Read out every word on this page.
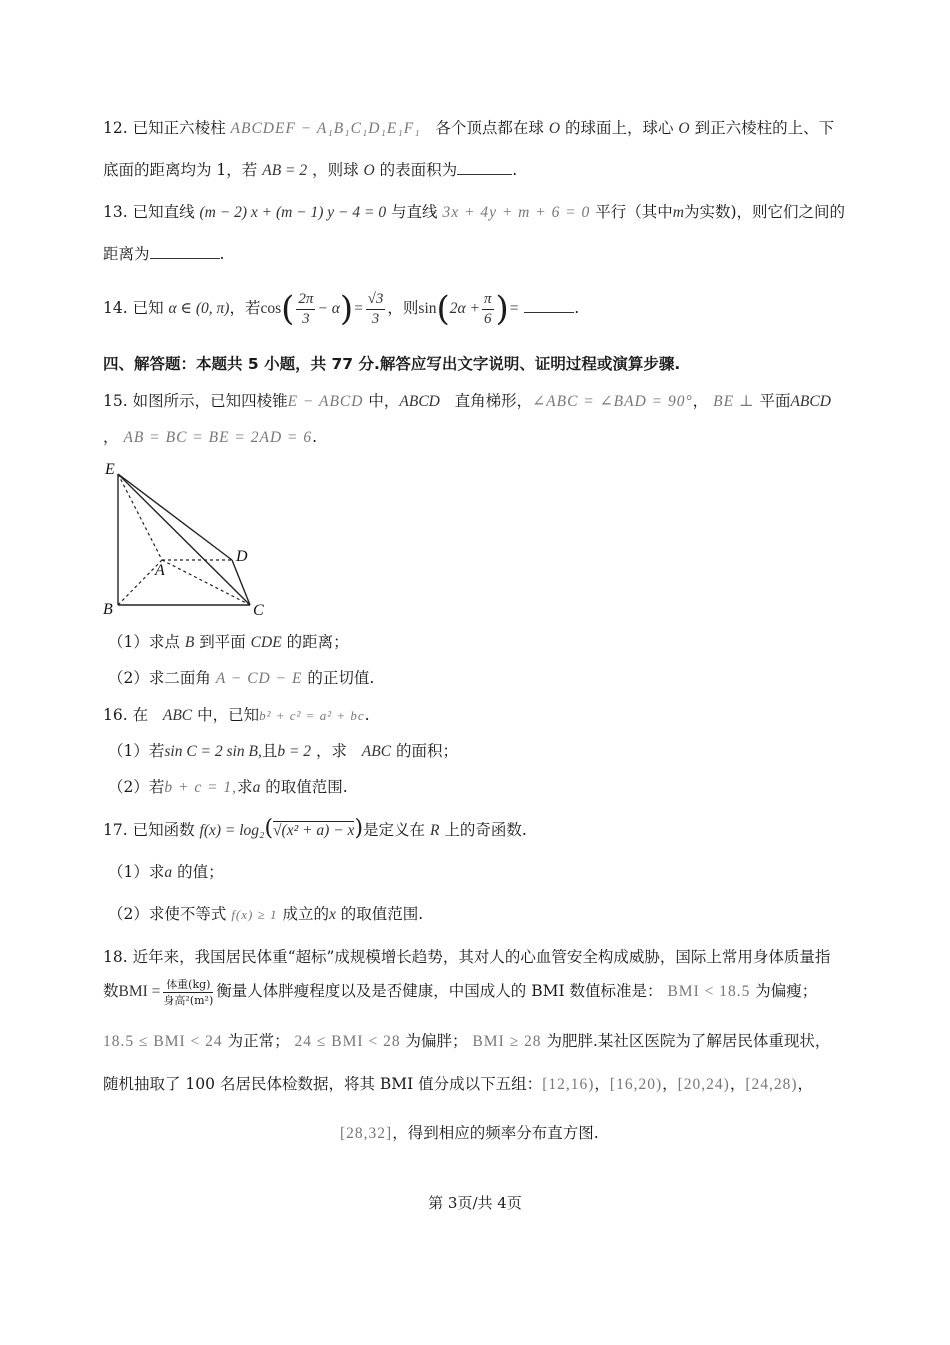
12. 已知正六棱柱 ABCDEF − A₁B₁C₁D₁E₁F₁ 各个顶点都在球 O 的球面上，球心 O 到正六棱柱的上、下
底面的距离均为 1，若 AB = 2 ，则球 O 的表面积为	.
13. 已知直线 (m − 2) x + (m − 1) y − 4 = 0 与直线 3x + 4y + m + 6 = 0 平行（其中m为实数)，则它们之间的
距离为	.
14. 已知 α ∈ (0, π)，若$\cos( \frac{2\pi}{3} - \alpha)= \frac{√3}{3}$ ，则$\sin(2\alpha + \frac{\pi}{6}$ )=	.
四、解答题：本题共 5 小题，共 77 分.解答应写出文字说明、证明过程或演算步骤.
15. 如图所示，已知四棱锥E − ABCD 中，ABCD 直角梯形，∠ABC = ∠BAD = 90°， BE ⊥ 平面ABCD
， AB = BC = BE = 2AD = 6.
E
A
D
B	C
（1）求点 B 到平面 CDE 的距离；
（2）求二面角 A − CD − E 的正切值.
16. 在 ABC 中，已知b² + c² = a² + bc.
（1）若sin C = 2 sin B,且b = 2 ，求 ABC 的面积；
（2）若b + c = 1,求a 的取值范围.
17. 已知函数 f(x) = log₂(√(x² + a) − x)是定义在 R 上的奇函数.
（1）求a 的值；
（2）求使不等式 f(x) ≥ 1 成立的x 的取值范围.
18. 近年来，我国居民体重“超标”成规模增长趋势，其对人的心血管安全构成威胁，国际上常用身体质量指
数BMI = $\frac{\text{体重(kg)}}{\text{身高²(m²)}}$ 衡量人体胖瘦程度以及是否健康，中国成人的 BMI 数值标准是： BMI < 18.5 为偏瘦；
18.5 ≤ BMI < 24 为正常； 24 ≤ BMI < 28 为偏胖； BMI ≥ 28 为肥胖.某社区医院为了解居民体重现状，
随机抽取了 100 名居民体检数据，将其 BMI 值分成以下五组：[12,16)，[16,20)，[20,24)，[24,28)，
[28,32]，得到相应的频率分布直方图.
第 3页/共 4页
